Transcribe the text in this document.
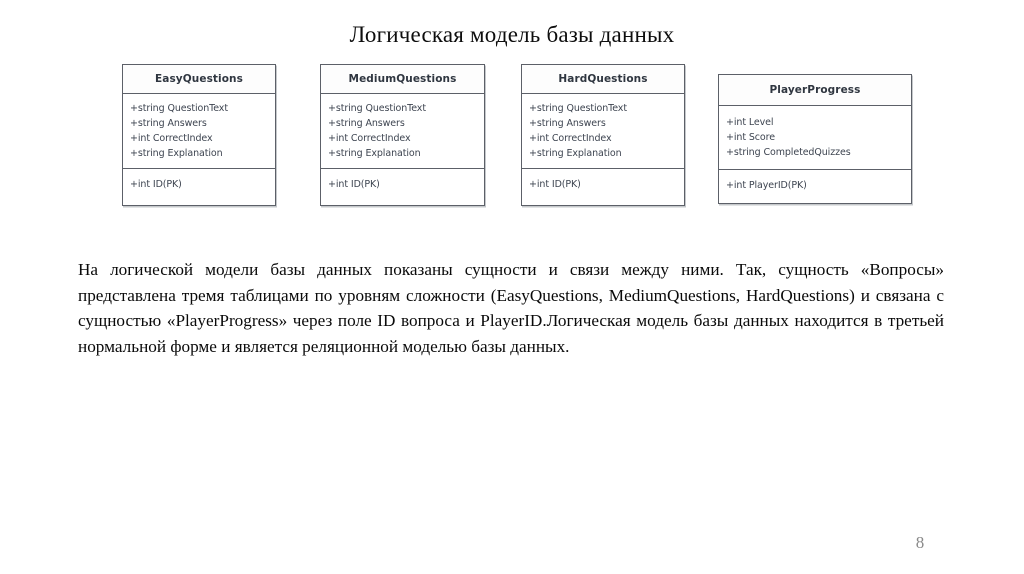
Логическая модель базы данных
EasyQuestions
+string QuestionText
+string Answers
+int CorrectIndex
+string Explanation
+int ID(PK)
MediumQuestions
+string QuestionText
+string Answers
+int CorrectIndex
+string Explanation
+int ID(PK)
HardQuestions
+string QuestionText
+string Answers
+int CorrectIndex
+string Explanation
+int ID(PK)
PlayerProgress
+int Level
+int Score
+string CompletedQuizzes
+int PlayerID(PK)

На логической модели базы данных показаны сущности и связи между ними. Так, сущность «Вопросы» представлена тремя таблицами по уровням сложности (EasyQuestions, MediumQuestions, HardQuestions) и связана с сущностью «PlayerProgress» через поле ID вопроса и PlayerID.Логическая модель базы данных находится в третьей нормальной форме и является реляционной моделью базы данных.

8
